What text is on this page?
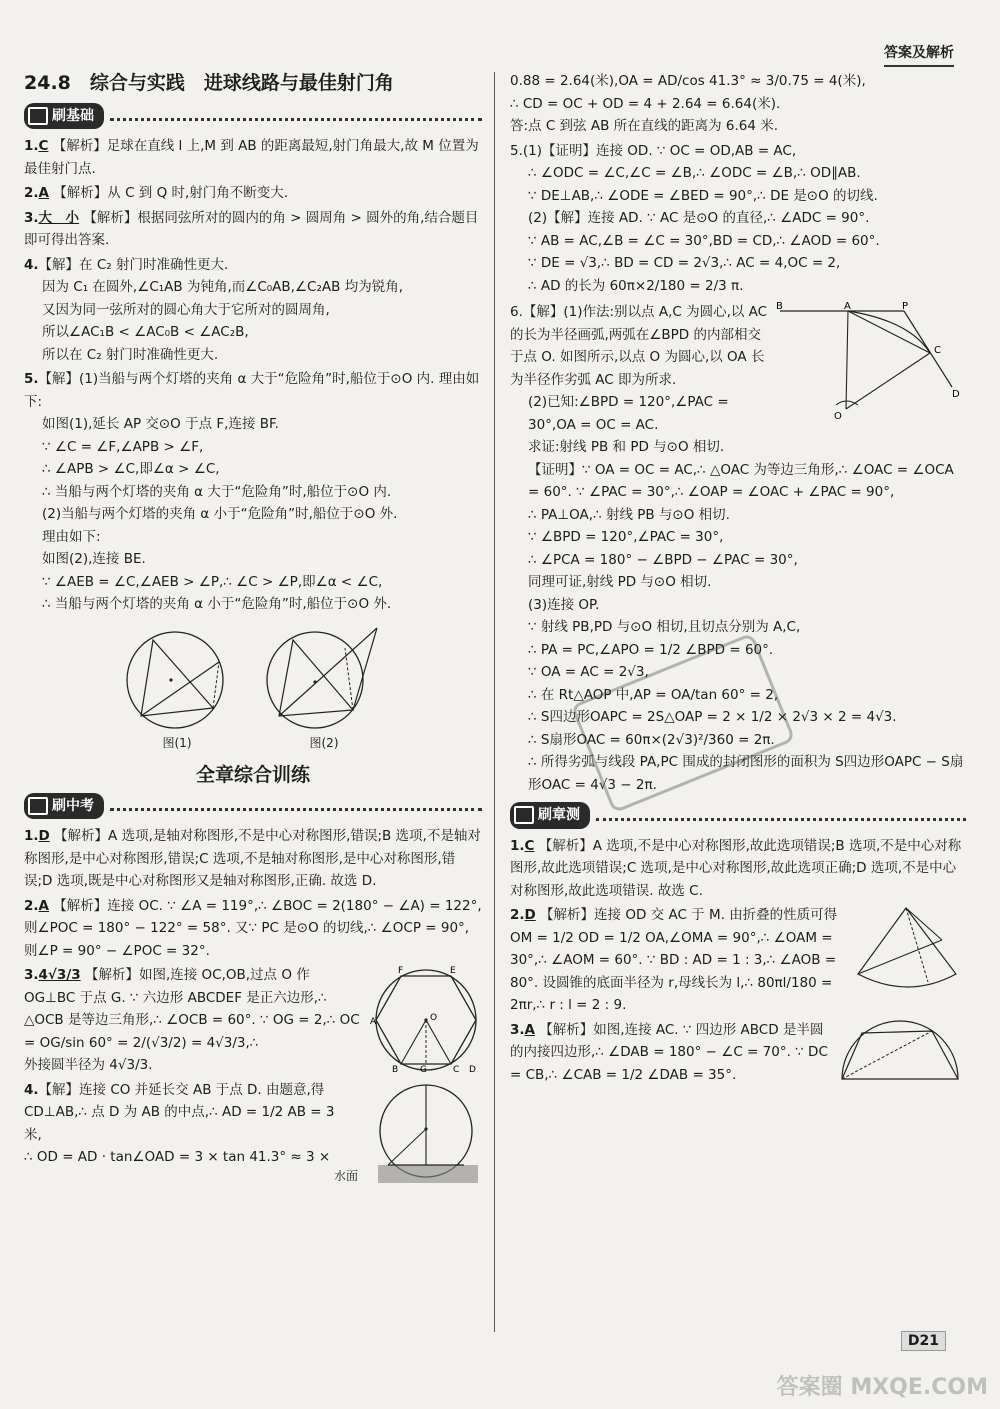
答案及解析
24.8　综合与实践　进球线路与最佳射门角
刷基础

1.C 【解析】足球在直线 l 上,M 到 AB 的距离最短,射门角最大,故 M 位置为最佳射门点.

2.A 【解析】从 C 到 Q 时,射门角不断变大.

3.大　小 【解析】根据同弦所对的圆内的角 > 圆周角 > 圆外的角,结合题目即可得出答案.

4.【解】在 C₂ 射门时准确性更大.

因为 C₁ 在圆外,∠C₁AB 为钝角,而∠C₀AB,∠C₂AB 均为锐角,

又因为同一弦所对的圆心角大于它所对的圆周角,

所以∠AC₁B < ∠AC₀B < ∠AC₂B,

所以在 C₂ 射门时准确性更大.

5.【解】(1)当船与两个灯塔的夹角 α 大于“危险角”时,船位于⊙O 内. 理由如下:

如图(1),延长 AP 交⊙O 于点 F,连接 BF.

∵ ∠C = ∠F,∠APB > ∠F,

∴ ∠APB > ∠C,即∠α > ∠C,

∴ 当船与两个灯塔的夹角 α 大于“危险角”时,船位于⊙O 内.

(2)当船与两个灯塔的夹角 α 小于“危险角”时,船位于⊙O 外.

理由如下:

如图(2),连接 BE.

∵ ∠AEB = ∠C,∠AEB > ∠P,∴ ∠C > ∠P,即∠α < ∠C,

∴ 当船与两个灯塔的夹角 α 小于“危险角”时,船位于⊙O 外.

图(1)	图(2)
全章综合训练
刷中考

1.D 【解析】A 选项,是轴对称图形,不是中心对称图形,错误;B 选项,不是轴对称图形,是中心对称图形,错误;C 选项,不是轴对称图形,是中心对称图形,错误;D 选项,既是中心对称图形又是轴对称图形,正确. 故选 D.

2.A 【解析】连接 OC. ∵ ∠A = 119°,∴ ∠BOC = 2(180° − ∠A) = 122°,则∠POC = 180° − 122° = 58°. 又∵ PC 是⊙O 的切线,∴ ∠OCP = 90°,则∠P = 90° − ∠POC = 32°.

F	E
O
D
A
C
B G

3.4√3/3 【解析】如图,连接 OC,OB,过点 O 作 OG⊥BC 于点 G. ∵ 六边形 ABCDEF 是正六边形,∴ △OCB 是等边三角形,∴ ∠OCB = 60°. ∵ OG = 2,∴ OC = OG/sin 60° = 2/(√3/2) = 4√3/3,∴

外接圆半径为 4√3/3.

水面

4.【解】连接 CO 并延长交 AB 于点 D. 由题意,得 CD⊥AB,∴ 点 D 为 AB 的中点,∴ AD = 1/2 AB = 3 米,

∴ OD = AD · tan∠OAD = 3 × tan 41.3° ≈ 3 ×

0.88 = 2.64(米),OA = AD/cos 41.3° ≈ 3/0.75 = 4(米),

∴ CD = OC + OD = 4 + 2.64 = 6.64(米).

答:点 C 到弦 AB 所在直线的距离为 6.64 米.

5.(1)【证明】连接 OD. ∵ OC = OD,AB = AC,

∴ ∠ODC = ∠C,∠C = ∠B,∴ ∠ODC = ∠B,∴ OD∥AB.

∵ DE⊥AB,∴ ∠ODE = ∠BED = 90°,∴ DE 是⊙O 的切线.

(2)【解】连接 AD. ∵ AC 是⊙O 的直径,∴ ∠ADC = 90°.

∵ AB = AC,∠B = ∠C = 30°,BD = CD,∴ ∠AOD = 60°.

∵ DE = √3,∴ BD = CD = 2√3,∴ AC = 4,OC = 2,

∴ AD 的长为 60π×2/180 = 2/3 π.

B	A	P
C
D
O

6.【解】(1)作法:别以点 A,C 为圆心,以 AC 的长为半径画弧,两弧在∠BPD 的内部相交于点 O. 如图所示,以点 O 为圆心,以 OA 长为半径作劣弧 AC 即为所求.

(2)已知:∠BPD = 120°,∠PAC = 30°,OA = OC = AC.

求证:射线 PB 和 PD 与⊙O 相切.

【证明】∵ OA = OC = AC,∴ △OAC 为等边三角形,∴ ∠OAC = ∠OCA = 60°. ∵ ∠PAC = 30°,∴ ∠OAP = ∠OAC + ∠PAC = 90°,

∴ PA⊥OA,∴ 射线 PB 与⊙O 相切.

∵ ∠BPD = 120°,∠PAC = 30°,

∴ ∠PCA = 180° − ∠BPD − ∠PAC = 30°,

同理可证,射线 PD 与⊙O 相切.

(3)连接 OP.

∵ 射线 PB,PD 与⊙O 相切,且切点分别为 A,C,

∴ PA = PC,∠APO = 1/2 ∠BPD = 60°.

∵ OA = AC = 2√3,

∴ 在 Rt△AOP 中,AP = OA/tan 60° = 2,

∴ S四边形OAPC = 2S△OAP = 2 × 1/2 × 2√3 × 2 = 4√3.

∴ S扇形OAC = 60π×(2√3)²/360 = 2π.

∴ 所得劣弧与线段 PA,PC 围成的封闭图形的面积为 S四边形OAPC − S扇形OAC = 4√3 − 2π.

刷章测

1.C 【解析】A 选项,不是中心对称图形,故此选项错误;B 选项,不是中心对称图形,故此选项错误;C 选项,是中心对称图形,故此选项正确;D 选项,不是中心对称图形,故此选项错误. 故选 C.

2.D 【解析】连接 OD 交 AC 于 M. 由折叠的性质可得 OM = 1/2 OD = 1/2 OA,∠OMA = 90°,∴ ∠OAM = 30°,∴ ∠AOM = 60°. ∵ BD : AD = 1 : 3,∴ ∠AOB = 80°. 设圆锥的底面半径为 r,母线长为 l,∴ 80πl/180 = 2πr,∴ r : l = 2 : 9.

3.A 【解析】如图,连接 AC. ∵ 四边形 ABCD 是半圆的内接四边形,∴ ∠DAB = 180° − ∠C = 70°. ∵ DC = CB,∴ ∠CAB = 1/2 ∠DAB = 35°.

D21
答案圈 MXQE.COM
